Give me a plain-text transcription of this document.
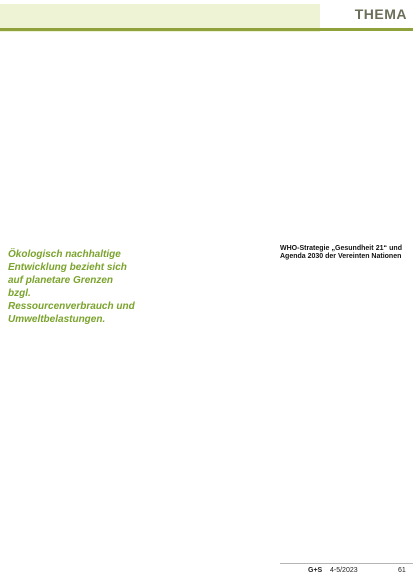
THEMA
Ökologisch nachhaltige Entwicklung bezieht sich auf planetare Grenzen bzgl. Ressourcenverbrauch und Umweltbelastungen.
WHO-Strategie „Gesundheit 21“ und Agenda 2030 der Vereinten Nationen
G+S 4-5/2023	61
